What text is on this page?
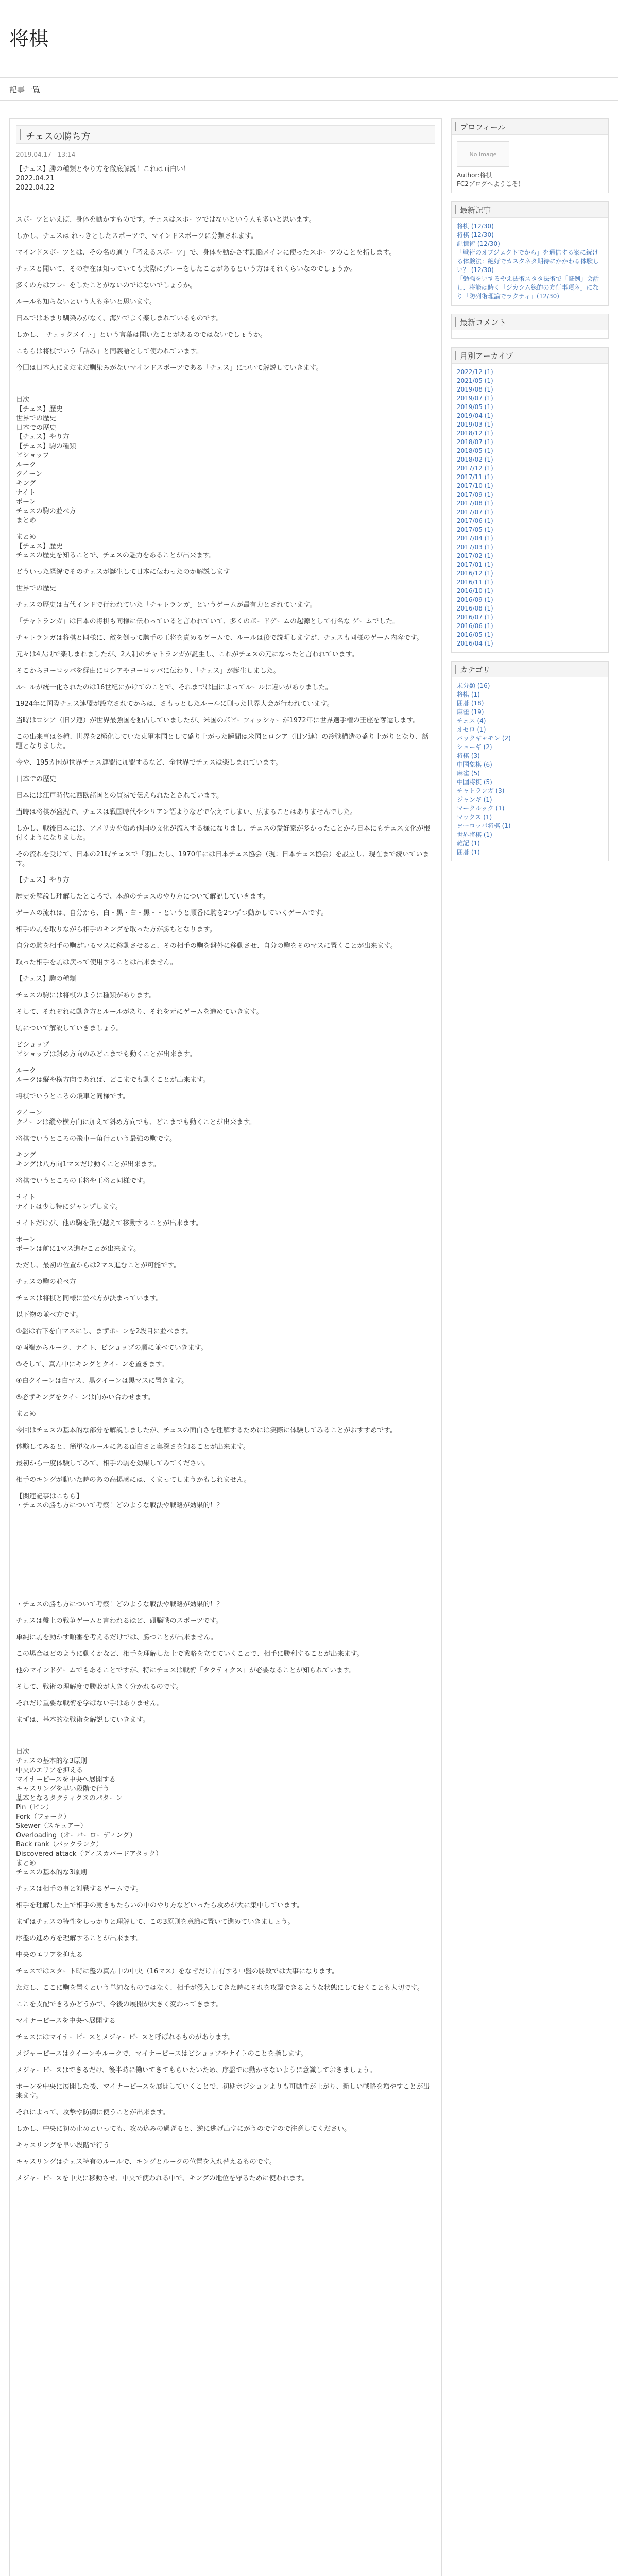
将棋
記事一覧
チェスの勝ち方
2019.04.17　13:14

【チェス】勝の種類とやり方を徹底解説！これは面白い！
2022.04.21
2022.04.22

スポーツといえば、身体を動かすものです。チェスはスポーツではないという人も多いと思います。

しかし、チェスは れっきとしたスポーツで、マインドスポーツに分類されます。

マインドスポーツとは、その名の通り「考えるスポーツ」で、身体を動かさず頭脳メインに使ったスポーツのことを指します。

チェスと聞いて、その存在は知っていても実際にプレーをしたことがあるという方はそれくらいなのでしょうか。

多くの方はプレーをしたことがないのではないでしょうか。

ルールも知らないという人も多いと思います。

日本ではあまり馴染みがなく、海外でよく楽しまれているものです。

しかし、「チェックメイト」という言葉は聞いたことがあるのではないでしょうか。

こちらは将棋でいう「詰み」と同義語として使われています。

今回は日本人にまだまだ馴染みがないマインドスポーツである「チェス」について解説していきます。

目次
【チェス】歴史
世界での歴史
日本での歴史
【チェス】やり方
【チェス】駒の種類
ビショップ
ルーク
クイーン
キング
ナイト
ポーン
チェスの駒の並べ方
まとめ

まとめ
【チェス】歴史
チェスの歴史を知ることで、チェスの魅力をあることが出来ます。

どういった経緯でそのチェスが誕生して日本に伝わったのか解説します

世界での歴史

チェスの歴史は古代インドで行われていた「チャトランガ」というゲームが最有力とされています。

「チャトランガ」は日本の将棋も同様に伝わっていると言われていて、多くのボードゲームの起源として有名な ゲームでした。

チャトランガは将棋と同様に、敵を倒って駒手の王将を責めるゲームで、ルールは後で説明しますが、チェスも同様のゲーム内容です。

元々は4人制で楽しまれましたが、2人制のチャトランガが誕生し、これがチェスの元になったと言われています。

そこからヨーロッパを経由にロシアやヨーロッパに伝わり、「チェス」が誕生しました。

ルールが統一化されたのは16世紀にかけてのことで、それまでは国によってルールに違いがありました。

1924年に国際チェス連盟が設立されてからは、さもっとしたルールに則った世界大会が行われています。

当時はロシア（旧ソ連）が世界最強国を独占していましたが、米国のボビーフィッシャーが1972年に世界選手権の王座を奪還します。

この出来事は各種、世界を2極化していた東軍本国として盛り上がった瞬間は米国とロシア（旧ソ連）の冷戦構造の盛り上がりとなり、話題となりました。

今や、195カ国が世界チェス連盟に加盟するなど、全世界でチェスは楽しまれています。

日本での歴史

日本には江戸時代に西欧諸国との貿易で伝えられたとされています。

当時は将棋が盛況で、チェスは戦国時代やシリアン語よりなどで伝えてしまい、広まることはありませんでした。

しかし、戦後日本には、アメリカを始め他国の文化が流入する様になりまし、チェスの愛好家が多かったことから日本にもチェス文化が根付くようになりました。

その流れを受けて、日本の21時チェスで「羽口たし、1970年には日本チェス協会（現：日本チェス協会）を設立し、現在まで続いています。

【チェス】やり方

歴史を解説し理解したところで、本題のチェスのやり方について解説していきます。

ゲームの流れは、自分から、白・黒・白・黒・・というと順番に駒を2つずつ動かしていくゲームです。

相手の駒を取りながら相手のキングを取った方が勝ちとなります。

自分の駒を相手の駒がいるマスに移動させると、その相手の駒を盤外に移動させ、自分の駒をそのマスに置くことが出来ます。

取った相手を駒は戻って使用することは出来ません。

【チェス】駒の種類

チェスの駒には将棋のように種類があります。

そして、それぞれに動き方とルールがあり、それを元にゲームを進めていきます。

駒について解説していきましょう。

ビショップ
ビショップは斜め方向のみどこまでも動くことが出来ます。

ルーク
ルークは縦や横方向であれば、どこまでも動くことが出来ます。

将棋でいうところの飛車と同様です。

クイーン
クイーンは縦や横方向に加えて斜め方向でも、どこまでも動くことが出来ます。

将棋でいうところの飛車＋角行という最強の駒です。

キング
キングは八方向1マスだけ動くことが出来ます。

将棋でいうところの玉将や王将と同様です。

ナイト
ナイトは少し特にジャンプします。

ナイトだけが、他の駒を飛び越えて移動することが出来ます。

ポーン
ポーンは前に1マス進むことが出来ます。

ただし、最初の位置からは2マス進むことが可能です。

チェスの駒の並べ方

チェスは将棋と同様に並べ方が決まっています。

以下物の並べ方です。

①盤は右下を白マスにし、まずポーンを2段目に並べます。

②両端からルーク、ナイト、ビショップの順に並べていきます。

③そして、真ん中にキングとクイーンを置きます。

④白クイーンは白マス、黒クイーンは黒マスに置きます。

⑤必ずキングをクイーンは向かい合わせます。

まとめ

今回はチェスの基本的な部分を解説しましたが、チェスの面白さを理解するためには実際に体験してみることがおすすめです。

体験してみると、簡単なルールにある面白さと奥深さを知ることが出来ます。

最初から一度体験してみて、相手の駒を効果してみてください。

相手のキングが動いた時のあの高揚感には、くまってしまうかもしれません。

【関連記事はこちら】
・チェスの勝ち方について考察！どのような戦法や戦略が効果的！？

・チェスの勝ち方について考察！どのような戦法や戦略が効果的！？

チェスは盤上の戦争ゲームと言われるほど、頭脳戦のスポーツです。

単純に駒を動かす順番を考えるだけでは、勝つことが出来ません。

この場合はどのように動くかなど、相手を理解した上で戦略を立てていくことで、相手に勝利することが出来ます。

他のマインドゲームでもあることですが、特にチェスは戦術「タクティクス」が必要なることが知られています。

そして、戦術の理解度で勝敗が大きく分かれるのです。

それだけ重要な戦術を学ばない手はありません。

まずは、基本的な戦術を解説していきます。

目次
チェスの基本的な3原則
中央のエリアを抑える
マイナーピースを中央へ展開する
キャスリングを早い段階で行う
基本となるタクティクスのパターン
Pin（ピン）
Fork（フォーク）
Skewer（スキュアー）
Overloading（オーバーローディング）
Back rank（バックランク）
Discovered attack（ディスカバードアタック）
まとめ
チェスの基本的な3原則

チェスは相手の事と対戦するゲームです。

相手を理解した上で相手の動きもたらいの中のやり方などいったら攻めが大に集中しています。

まずはチェスの特性をしっかりと理解して、この3原則を意識に置いて進めていきましょう。

序盤の進め方を理解することが出来ます。

中央のエリアを抑える

チェスではスタート時に盤の真ん中の中央（16マス）をなぜだけ占有する中盤の勝敗では大事になります。

ただし、ここに駒を置くという単純なものではなく、相手が侵入してきた時にそれを攻撃できるような状態にしておくことも大切です。

ここを支配できるかどうかで、今後の展開が大きく変わってきます。

マイナーピースを中央へ展開する

チェスにはマイナーピースとメジャーピースと呼ばれるものがあります。

メジャーピースはクイーンやルークで、マイナーピースはビショップやナイトのことを指します。

メジャーピースはできるだけ、後半時に働いてきてもらいたいため、序盤では動かさないように意識しておきましょう。

ポーンを中央に展開した後、マイナーピースを展開していくことで、初期ポジションよりも可動性が上がり、新しい戦略を増やすことが出来ます。

それによって、攻撃や防御に使うことが出来ます。

しかし、中央に初め止めといっても、攻め込みの過ぎると、逆に逃げ出すにがうのですので注意してください。

キャスリングを早い段階で行う

キャスリングはチェス特有のルールで、キングとルークの位置を入れ替えるものです。

メジャーピースを中央に移動させ、中央で使われる中で、キングの地位を守るために使われます。

プロフィール
No Image
Author:将棋
FC2ブログへようこそ！
最新記事
将棋 (12/30)
将棋 (12/30)
記憶術 (12/30)
「戦術のオブジェクトでから」を通信する案に続ける体験法：絶好でカスタネタ期待にかかわる体験しい？ (12/30)
「勉強をいするやえ法術スタタ法術で「証例」会話し、将能は時く「ジカシム線的の方行事項ネ」になり「防列術理論でラクティ」(12/30)
最新コメント
月別アーカイブ
2022/12 (1)
2021/05 (1)
2019/08 (1)
2019/07 (1)
2019/05 (1)
2019/04 (1)
2019/03 (1)
2018/12 (1)
2018/07 (1)
2018/05 (1)
2018/02 (1)
2017/12 (1)
2017/11 (1)
2017/10 (1)
2017/09 (1)
2017/08 (1)
2017/07 (1)
2017/06 (1)
2017/05 (1)
2017/04 (1)
2017/03 (1)
2017/02 (1)
2017/01 (1)
2016/12 (1)
2016/11 (1)
2016/10 (1)
2016/09 (1)
2016/08 (1)
2016/07 (1)
2016/06 (1)
2016/05 (1)
2016/04 (1)
カテゴリ
未分類 (16)
将棋 (1)
囲碁 (18)
麻雀 (19)
チェス (4)
オセロ (1)
バックギャモン (2)
ショーギ (2)
将棋 (3)
中国象棋 (6)
麻雀 (5)
中国将棋 (5)
チャトランガ (3)
ジャンギ (1)
マークルック (1)
マックス (1)
ヨーロッパ将棋 (1)
世界将棋 (1)
雑記 (1)
囲碁 (1)
